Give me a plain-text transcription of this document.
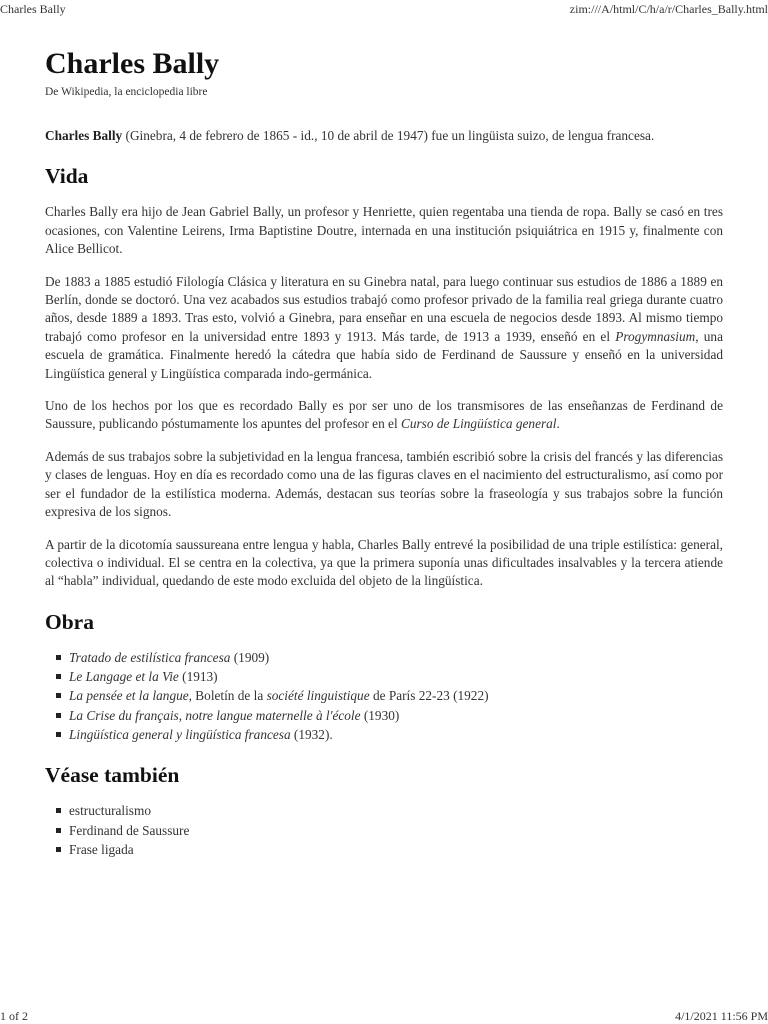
Charles Bally	zim:///A/html/C/h/a/r/Charles_Bally.html
Charles Bally
De Wikipedia, la enciclopedia libre

Charles Bally (Ginebra, 4 de febrero de 1865 - id., 10 de abril de 1947) fue un lingüista suizo, de lengua francesa.

Vida

Charles Bally era hijo de Jean Gabriel Bally, un profesor y Henriette, quien regentaba una tienda de ropa. Bally se casó en tres ocasiones, con Valentine Leirens, Irma Baptistine Doutre, internada en una institución psiquiátrica en 1915 y, finalmente con Alice Bellicot.

De 1883 a 1885 estudió Filología Clásica y literatura en su Ginebra natal, para luego continuar sus estudios de 1886 a 1889 en Berlín, donde se doctoró. Una vez acabados sus estudios trabajó como profesor privado de la familia real griega durante cuatro años, desde 1889 a 1893. Tras esto, volvió a Ginebra, para enseñar en una escuela de negocios desde 1893. Al mismo tiempo trabajó como profesor en la universidad entre 1893 y 1913. Más tarde, de 1913 a 1939, enseñó en el Progymnasium, una escuela de gramática. Finalmente heredó la cátedra que había sido de Ferdinand de Saussure y enseñó en la universidad Lingüística general y Lingüística comparada indo-germánica.

Uno de los hechos por los que es recordado Bally es por ser uno de los transmisores de las enseñanzas de Ferdinand de Saussure, publicando póstumamente los apuntes del profesor en el Curso de Lingüística general.

Además de sus trabajos sobre la subjetividad en la lengua francesa, también escribió sobre la crisis del francés y las diferencias y clases de lenguas. Hoy en día es recordado como una de las figuras claves en el nacimiento del estructuralismo, así como por ser el fundador de la estilística moderna. Además, destacan sus teorías sobre la fraseología y sus trabajos sobre la función expresiva de los signos.

A partir de la dicotomía saussureana entre lengua y habla, Charles Bally entrevé la posibilidad de una triple estilística: general, colectiva o individual. El se centra en la colectiva, ya que la primera suponía unas dificultades insalvables y la tercera atiende al “habla” individual, quedando de este modo excluida del objeto de la lingüística.

Obra
Tratado de estilística francesa (1909)
Le Langage et la Vie (1913)
La pensée et la langue, Boletín de la société linguistique de París 22-23 (1922)
La Crise du français, notre langue maternelle à l'école (1930)
Lingüística general y lingüística francesa (1932).
Véase también
estructuralismo
Ferdinand de Saussure
Frase ligada
1 of 2	4/1/2021 11:56 PM
